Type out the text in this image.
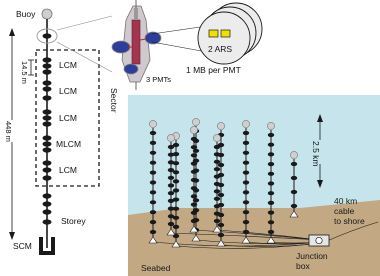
Buoy
Sector
LCM
LCM
LCM
MLCM
LCM
Storey
SCM
14.5 m
448 m
3 PMTs
2 ARS
1 MB per PMT
2.5 km
40 km cable to shore
Seabed
Junction box
